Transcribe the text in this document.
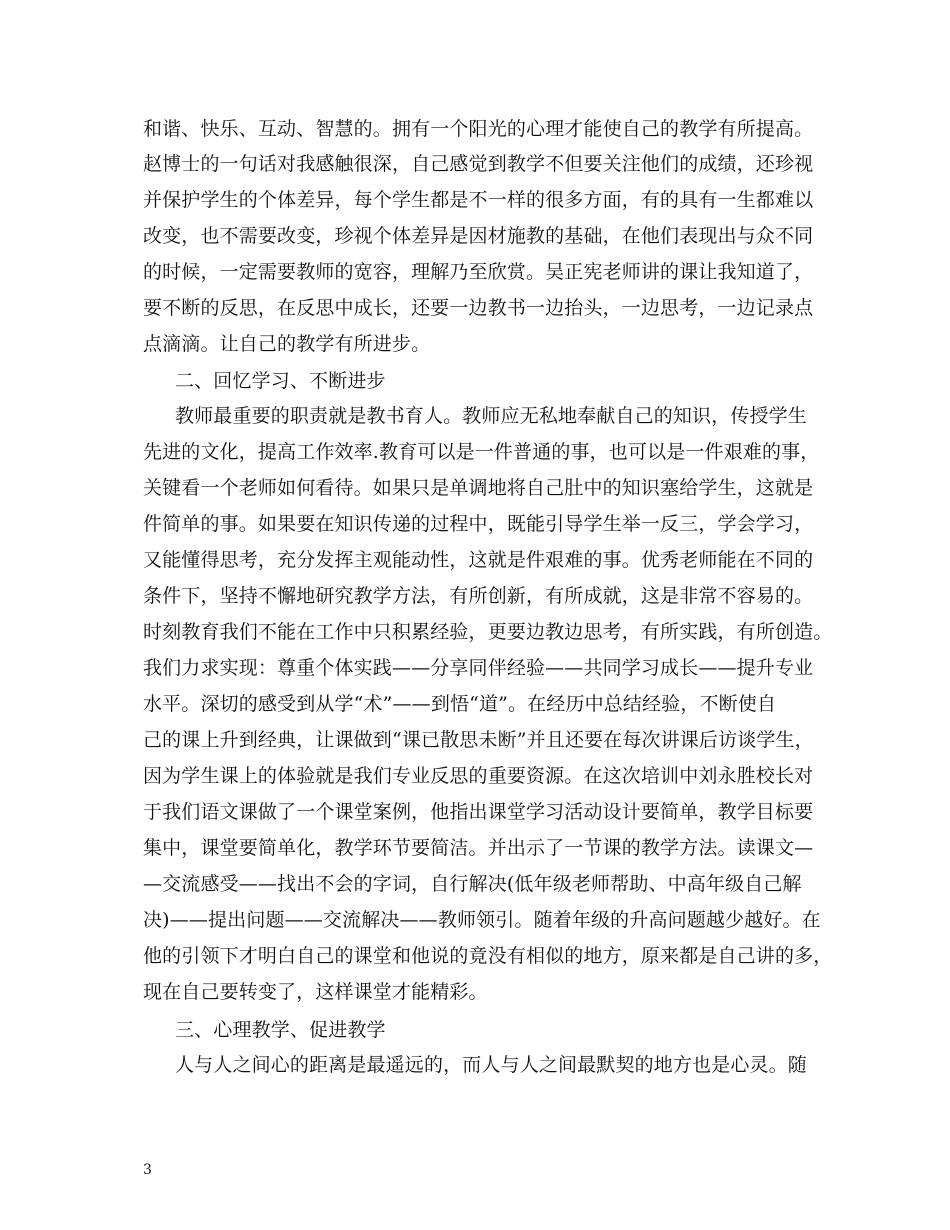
和谐、快乐、互动、智慧的。拥有一个阳光的心理才能使自己的教学有所提高。
赵博士的一句话对我感触很深，自己感觉到教学不但要关注他们的成绩，还珍视
并保护学生的个体差异，每个学生都是不一样的很多方面，有的具有一生都难以
改变，也不需要改变，珍视个体差异是因材施教的基础，在他们表现出与众不同
的时候，一定需要教师的宽容，理解乃至欣赏。吴正宪老师讲的课让我知道了，
要不断的反思，在反思中成长，还要一边教书一边抬头，一边思考，一边记录点
点滴滴。让自己的教学有所进步。
二、回忆学习、不断进步
教师最重要的职责就是教书育人。教师应无私地奉献自己的知识，传授学生
先进的文化，提高工作效率.教育可以是一件普通的事，也可以是一件艰难的事，
关键看一个老师如何看待。如果只是单调地将自己肚中的知识塞给学生，这就是
件简单的事。如果要在知识传递的过程中，既能引导学生举一反三，学会学习，
又能懂得思考，充分发挥主观能动性，这就是件艰难的事。优秀老师能在不同的
条件下，坚持不懈地研究教学方法，有所创新，有所成就，这是非常不容易的。
时刻教育我们不能在工作中只积累经验，更要边教边思考，有所实践，有所创造。
我们力求实现：尊重个体实践——分享同伴经验——共同学习成长——提升专业
水平。深切的感受到从学“术”——到悟“道”。在经历中总结经验，不断使自
己的课上升到经典，让课做到“课已散思未断”并且还要在每次讲课后访谈学生，
因为学生课上的体验就是我们专业反思的重要资源。在这次培训中刘永胜校长对
于我们语文课做了一个课堂案例，他指出课堂学习活动设计要简单，教学目标要
集中，课堂要简单化，教学环节要简洁。并出示了一节课的教学方法。读课文—
—交流感受——找出不会的字词，自行解决(低年级老师帮助、中高年级自己解
决)——提出问题——交流解决——教师领引。随着年级的升高问题越少越好。在
他的引领下才明白自己的课堂和他说的竟没有相似的地方，原来都是自己讲的多，
现在自己要转变了，这样课堂才能精彩。
三、心理教学、促进教学
人与人之间心的距离是最遥远的，而人与人之间最默契的地方也是心灵。随
3
